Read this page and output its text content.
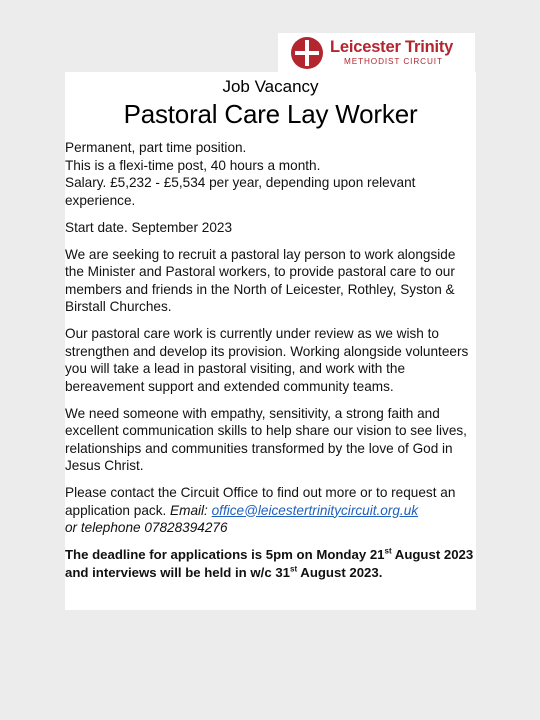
Leicester Trinity
METHODIST CIRCUIT
Job Vacancy
Pastoral Care Lay Worker

Permanent, part time position.
This is a flexi-time post, 40 hours a month.
Salary. £5,232 - £5,534 per year, depending upon relevant experience.

Start date. September 2023

We are seeking to recruit a pastoral lay person to work alongside the Minister and Pastoral workers, to provide pastoral care to our members and friends in the North of Leicester, Rothley, Syston & Birstall Churches.

Our pastoral care work is currently under review as we wish to strengthen and develop its provision. Working alongside volunteers you will take a lead in pastoral visiting, and work with the bereavement support and extended community teams.

We need someone with empathy, sensitivity, a strong faith and excellent communication skills to help share our vision to see lives, relationships and communities transformed by the love of God in Jesus Christ.

Please contact the Circuit Office to find out more or to request an application pack. Email: office@leicestertrinitycircuit.org.uk
or telephone 07828394276

The deadline for applications is 5pm on Monday 21st August 2023 and interviews will be held in w/c 31st August 2023.
